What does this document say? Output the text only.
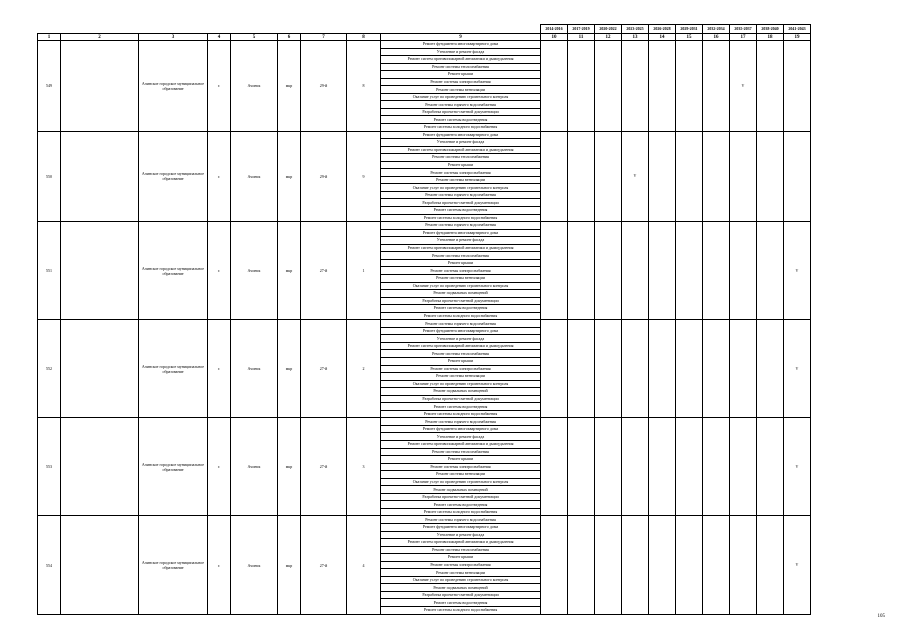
									2014-2016	2017-2019	2020-2022	2023-2025	2026-2028	2029-2031	2032-2034	2035-2037	2038-2040	2041-2043
1	2	3	4	5	6	7	8	9	10	11	12	13	14	15	16	17	18	19
549		Ачинское городское муниципальное образование	г.	Ачинск	мкр	29-й	8	Ремонт фундамента многоквартирного дома								V		
								Утепление и ремонт фасада										
								Ремонт систем противопожарной автоматики и дымоудаления										
								Ремонт системы теплоснабжения										
								Ремонт крыши										
								Ремонт системы электроснабжения										
								Ремонт системы вентиляции										
								Оказание услуг по проведению строительного контроля										
								Ремонт системы горячего водоснабжения										
								Разработка проектно-сметной документации										
								Ремонт системы водоотведения										
								Ремонт системы холодного водоснабжения										
550		Ачинское городское муниципальное образование	г.	Ачинск	мкр	29-й	9	Ремонт фундамента многоквартирного дома				V						
								Утепление и ремонт фасада										
								Ремонт систем противопожарной автоматики и дымоудаления										
								Ремонт системы теплоснабжения										
								Ремонт крыши										
								Ремонт системы электроснабжения										
								Ремонт системы вентиляции										
								Оказание услуг по проведению строительного контроля										
								Ремонт системы горячего водоснабжения										
								Разработка проектно-сметной документации										
								Ремонт системы водоотведения										
								Ремонт системы холодного водоснабжения										
551		Ачинское городское муниципальное образование	г.	Ачинск	мкр	27-й	1	Ремонт системы горячего водоснабжения										V
								Ремонт фундамента многоквартирного дома										
								Утепление и ремонт фасада										
								Ремонт систем противопожарной автоматики и дымоудаления										
								Ремонт системы теплоснабжения										
								Ремонт крыши										
								Ремонт системы электроснабжения										
								Ремонт системы вентиляции										
								Оказание услуг по проведению строительного контроля										
								Ремонт подвальных помещений										
								Разработка проектно-сметной документации										
								Ремонт системы водоотведения										
								Ремонт системы холодного водоснабжения										
552		Ачинское городское муниципальное образование	г.	Ачинск	мкр	27-й	2	Ремонт системы горячего водоснабжения										V
								Ремонт фундамента многоквартирного дома										
								Утепление и ремонт фасада										
								Ремонт систем противопожарной автоматики и дымоудаления										
								Ремонт системы теплоснабжения										
								Ремонт крыши										
								Ремонт системы электроснабжения										
								Ремонт системы вентиляции										
								Оказание услуг по проведению строительного контроля										
								Ремонт подвальных помещений										
								Разработка проектно-сметной документации										
								Ремонт системы водоотведения										
								Ремонт системы холодного водоснабжения										
553		Ачинское городское муниципальное образование	г.	Ачинск	мкр	27-й	3	Ремонт системы горячего водоснабжения										V
								Ремонт фундамента многоквартирного дома										
								Утепление и ремонт фасада										
								Ремонт систем противопожарной автоматики и дымоудаления										
								Ремонт системы теплоснабжения										
								Ремонт крыши										
								Ремонт системы электроснабжения										
								Ремонт системы вентиляции										
								Оказание услуг по проведению строительного контроля										
								Ремонт подвальных помещений										
								Разработка проектно-сметной документации										
								Ремонт системы водоотведения										
								Ремонт системы холодного водоснабжения										
554		Ачинское городское муниципальное образование	г.	Ачинск	мкр	27-й	4	Ремонт системы горячего водоснабжения										V
								Ремонт фундамента многоквартирного дома										
								Утепление и ремонт фасада										
								Ремонт систем противопожарной автоматики и дымоудаления										
								Ремонт системы теплоснабжения										
								Ремонт крыши										
								Ремонт системы электроснабжения										
								Ремонт системы вентиляции										
								Оказание услуг по проведению строительного контроля										
								Ремонт подвальных помещений										
								Разработка проектно-сметной документации										
								Ремонт системы водоотведения										
								Ремонт системы холодного водоснабжения										
105
